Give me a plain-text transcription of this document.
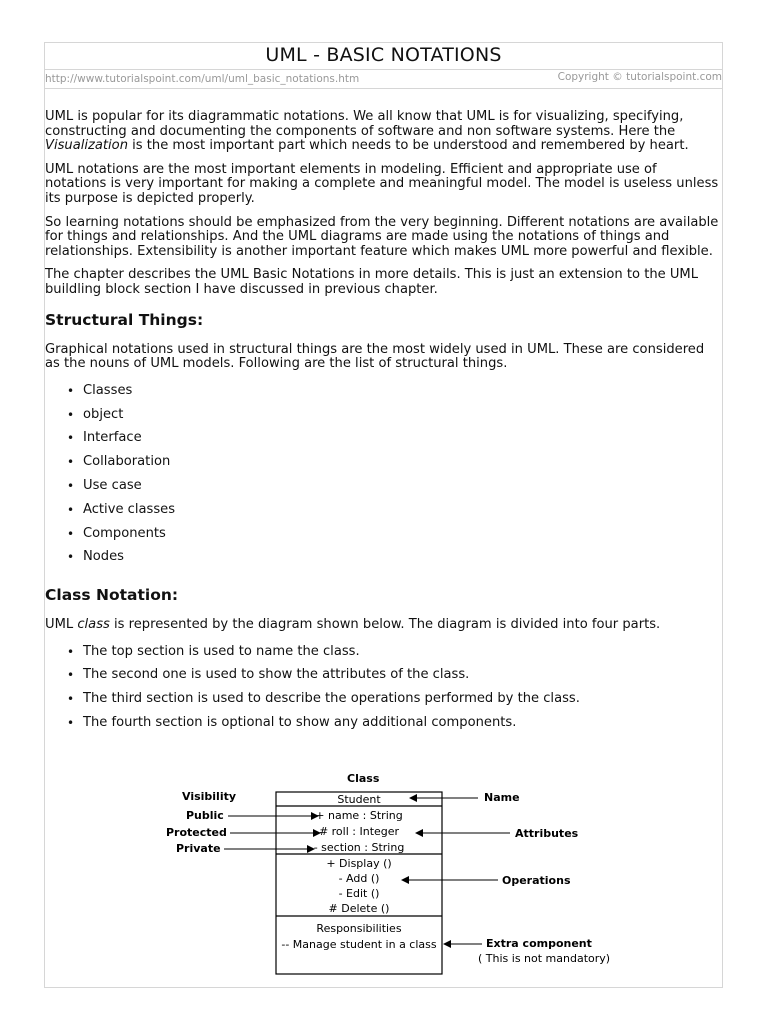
UML - BASIC NOTATIONS
http://www.tutorialspoint.com/uml/uml_basic_notations.htm	Copyright © tutorialspoint.com

UML is popular for its diagrammatic notations. We all know that UML is for visualizing, specifying, constructing and documenting the components of software and non software systems. Here the Visualization is the most important part which needs to be understood and remembered by heart.

UML notations are the most important elements in modeling. Efficient and appropriate use of notations is very important for making a complete and meaningful model. The model is useless unless its purpose is depicted properly.

So learning notations should be emphasized from the very beginning. Different notations are available for things and relationships. And the UML diagrams are made using the notations of things and relationships. Extensibility is another important feature which makes UML more powerful and flexible.

The chapter describes the UML Basic Notations in more details. This is just an extension to the UML buildling block section I have discussed in previous chapter.

Structural Things:

Graphical notations used in structural things are the most widely used in UML. These are considered as the nouns of UML models. Following are the list of structural things.

• Classes
• object
• Interface
• Collaboration
• Use case
• Active classes
• Components
• Nodes
Class Notation:

UML class is represented by the diagram shown below. The diagram is divided into four parts.

• The top section is used to name the class.
• The second one is used to show the attributes of the class.
• The third section is used to describe the operations performed by the class.
• The fourth section is optional to show any additional components.
Class
Visibility	Student
+ name : String
# roll : Integer
- section : String
+ Display ()
- Add ()
- Edit ()
# Delete ()
Responsibilities
-- Manage student in a class
Public
Protected
Private
Name
Attributes
Operations
Extra component
( This is not mandatory)
